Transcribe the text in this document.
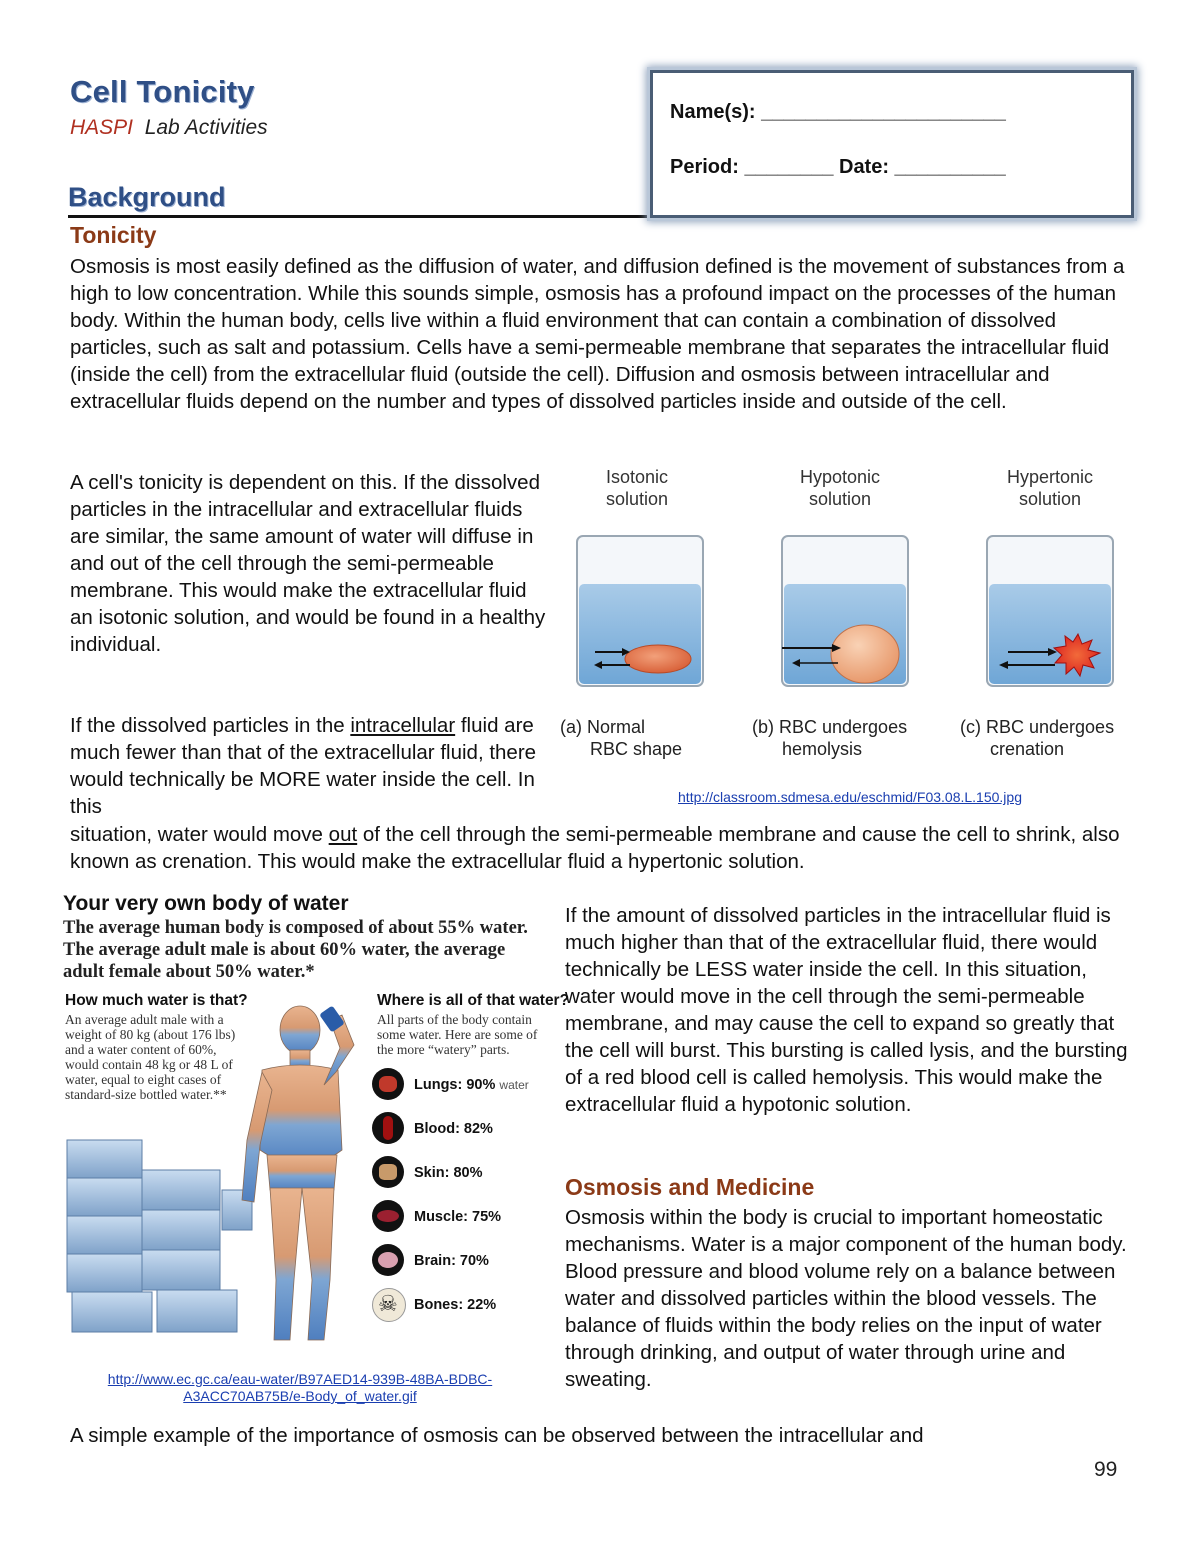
Cell Tonicity
HASPI Lab Activities
Background
Name(s): ______________________
Period: ________ Date: __________
Tonicity
Osmosis is most easily defined as the diffusion of water, and diffusion defined is the movement of substances from a high to low concentration. While this sounds simple, osmosis has a profound impact on the processes of the human body. Within the human body, cells live within a fluid environment that can contain a combination of dissolved particles, such as salt and potassium. Cells have a semi-permeable membrane that separates the intracellular fluid (inside the cell) from the extracellular fluid (outside the cell). Diffusion and osmosis between intracellular and extracellular fluids depend on the number and types of dissolved particles inside and outside of the cell.
A cell's tonicity is dependent on this. If the dissolved particles in the intracellular and extracellular fluids are similar, the same amount of water will diffuse in and out of the cell through the semi-permeable membrane. This would make the extracellular fluid an isotonic solution, and would be found in a healthy individual.
If the dissolved particles in the intracellular fluid are much fewer than that of the extracellular fluid, there would technically be MORE water inside the cell. In this
situation, water would move out of the cell through the semi-permeable membrane and cause the cell to shrink, also known as crenation. This would make the extracellular fluid a hypertonic solution.
Isotonic
solution
Hypotonic
solution
Hypertonic
solution
(a) Normal
RBC shape
(b) RBC undergoes
hemolysis
(c) RBC undergoes
crenation
http://classroom.sdmesa.edu/eschmid/F03.08.L.150.jpg
Your very own body of water
The average human body is composed of about 55% water. The average adult male is about 60% water, the average adult female about 50% water.*
How much water is that?
An average adult male with a weight of 80 kg (about 176 lbs) and a water content of 60%, would contain 48 kg or 48 L of water, equal to eight cases of standard-size bottled water.**
Where is all of that water?
All parts of the body contain some water. Here are some of the more “watery” parts.
Lungs: 90% water
Blood: 82%
Skin: 80%
Muscle: 75%
Brain: 70%
☠ Bones: 22%
http://www.ec.gc.ca/eau-water/B97AED14-939B-48BA-BDBC-
A3ACC70AB75B/e-Body_of_water.gif
If the amount of dissolved particles in the intracellular fluid is much higher than that of the extracellular fluid, there would technically be LESS water inside the cell. In this situation, water would move in the cell through the semi-permeable membrane, and may cause the cell to expand so greatly that the cell will burst. This bursting is called lysis, and the bursting of a red blood cell is called hemolysis. This would make the extracellular fluid a hypotonic solution.
Osmosis and Medicine
Osmosis within the body is crucial to important homeostatic mechanisms. Water is a major component of the human body. Blood pressure and blood volume rely on a balance between water and dissolved particles within the blood vessels. The balance of fluids within the body relies on the input of water through drinking, and output of water through urine and sweating.
A simple example of the importance of osmosis can be observed between the intracellular and
99
